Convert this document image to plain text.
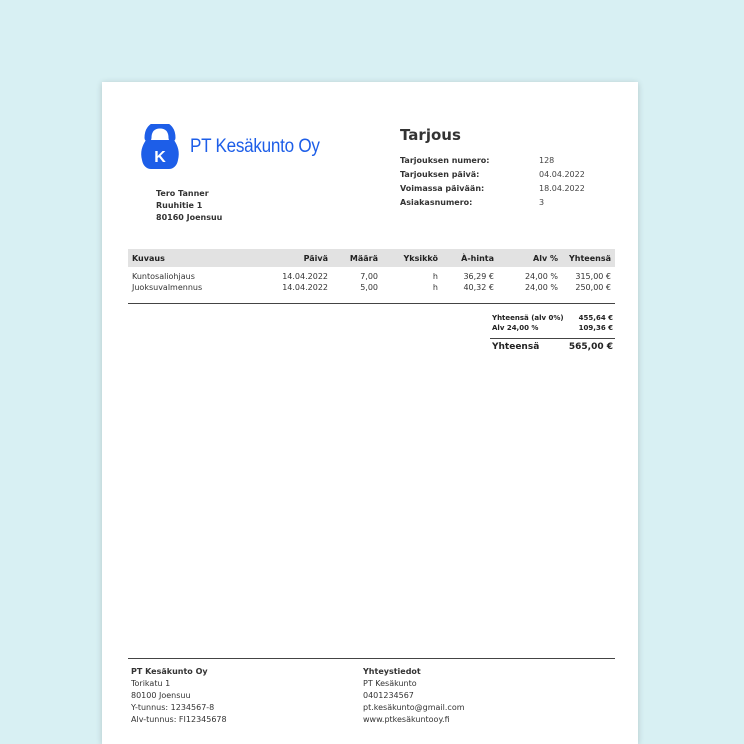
K
PT Kesäkunto Oy
Tarjous
Tarjouksen numero:	128
Tarjouksen päivä:	04.04.2022
Voimassa päivään:	18.04.2022
Asiakasnumero:	3
Tero Tanner
Ruuhitie 1
80160 Joensuu
Kuvaus	Päivä	Määrä	Yksikkö	À-hinta	Alv %	Yhteensä
Kuntosaliohjaus	14.04.2022	7,00	h	36,29 €	24,00 %	315,00 €
Juoksuvalmennus	14.04.2022	5,00	h	40,32 €	24,00 %	250,00 €
Yhteensä (alv 0%) 455,64 €
Alv 24,00 %	109,36 €
Yhteensä	565,00 €
PT Kesäkunto Oy
Torikatu 1
80100 Joensuu
Y-tunnus: 1234567-8
Alv-tunnus: FI12345678
Yhteystiedot
PT Kesäkunto
0401234567
pt.kesäkunto@gmail.com
www.ptkesäkuntooy.fi
